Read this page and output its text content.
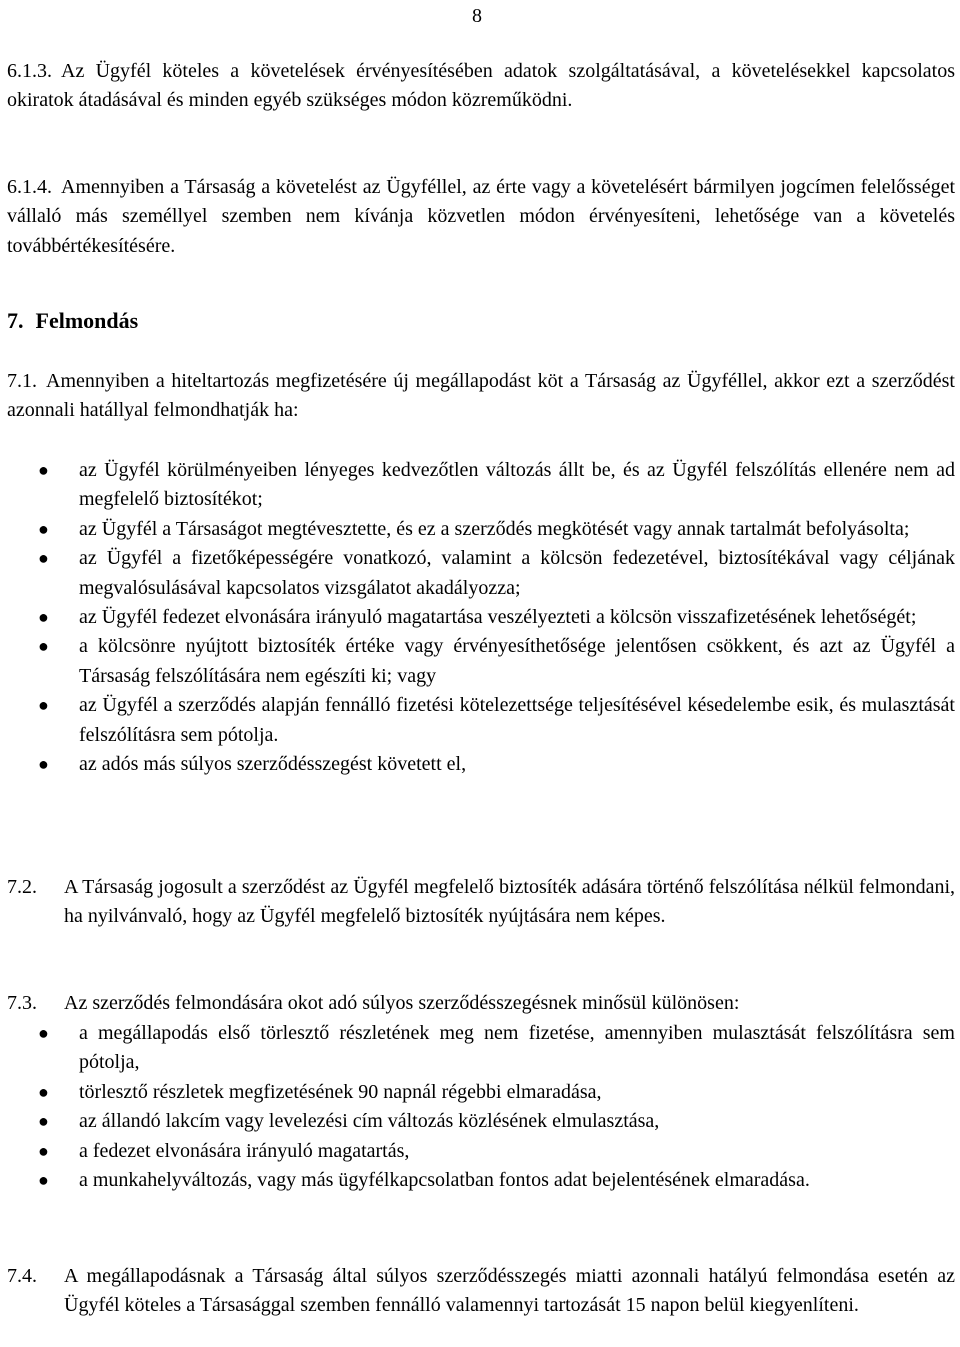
8

6.1.3. Az Ügyfél köteles a követelések érvényesítésében adatok szolgáltatásával, a követelésekkel kapcsolatos okiratok átadásával és minden egyéb szükséges módon közreműködni.

6.1.4. Amennyiben a Társaság a követelést az Ügyféllel, az érte vagy a követelésért bármilyen jogcímen felelősséget vállaló más személlyel szemben nem kívánja közvetlen módon érvényesíteni, lehetősége van a követelés továbbértékesítésére.

7. Felmondás

7.1. Amennyiben a hiteltartozás megfizetésére új megállapodást köt a Társaság az Ügyféllel, akkor ezt a szerződést azonnali hatállyal felmondhatják ha:

● az Ügyfél körülményeiben lényeges kedvezőtlen változás állt be, és az Ügyfél felszólítás ellenére nem ad megfelelő biztosítékot;
● az Ügyfél a Társaságot megtévesztette, és ez a szerződés megkötését vagy annak tartalmát befolyásolta;
● az Ügyfél a fizetőképességére vonatkozó, valamint a kölcsön fedezetével, biztosítékával vagy céljának megvalósulásával kapcsolatos vizsgálatot akadályozza;
● az Ügyfél fedezet elvonására irányuló magatartása veszélyezteti a kölcsön visszafizetésének lehetőségét;
● a kölcsönre nyújtott biztosíték értéke vagy érvényesíthetősége jelentősen csökkent, és azt az Ügyfél a Társaság felszólítására nem egészíti ki; vagy
● az Ügyfél a szerződés alapján fennálló fizetési kötelezettsége teljesítésével késedelembe esik, és mulasztását felszólításra sem pótolja.
● az adós más súlyos szerződésszegést követett el,
7.2. A Társaság jogosult a szerződést az Ügyfél megfelelő biztosíték adására történő felszólítása nélkül felmondani, ha nyilvánvaló, hogy az Ügyfél megfelelő biztosíték nyújtására nem képes.
7.3. Az szerződés felmondására okot adó súlyos szerződésszegésnek minősül különösen:
● a megállapodás első törlesztő részletének meg nem fizetése, amennyiben mulasztását felszólításra sem pótolja,
● törlesztő részletek megfizetésének 90 napnál régebbi elmaradása,
● az állandó lakcím vagy levelezési cím változás közlésének elmulasztása,
● a fedezet elvonására irányuló magatartás,
● a munkahelyváltozás, vagy más ügyfélkapcsolatban fontos adat bejelentésének elmaradása.
7.4. A megállapodásnak a Társaság által súlyos szerződésszegés miatti azonnali hatályú felmondása esetén az Ügyfél köteles a Társasággal szemben fennálló valamennyi tartozását 15 napon belül kiegyenlíteni.
